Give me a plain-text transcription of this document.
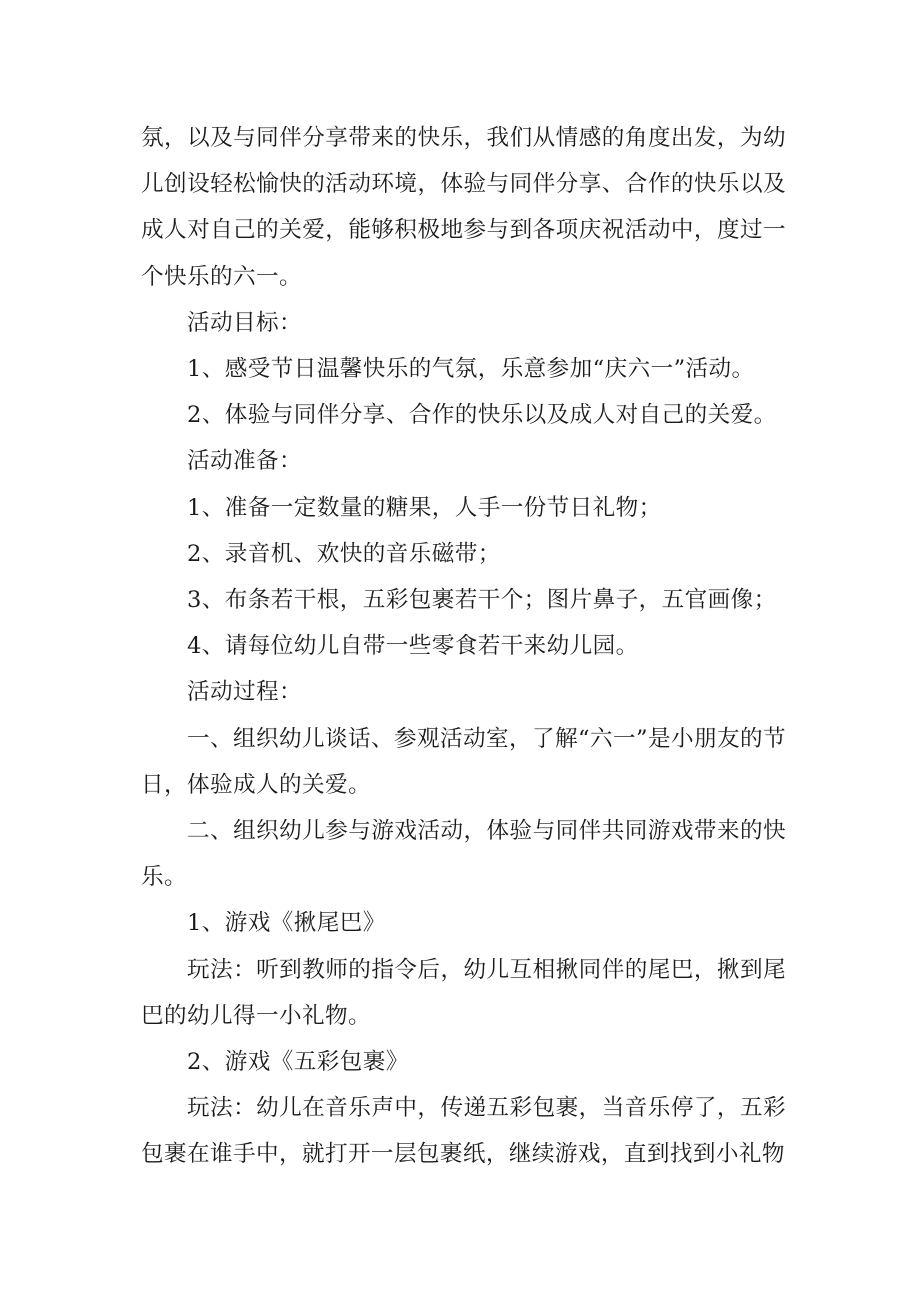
氛，以及与同伴分享带来的快乐，我们从情感的角度出发，为幼儿创设轻松愉快的活动环境，体验与同伴分享、合作的快乐以及成人对自己的关爱，能够积极地参与到各项庆祝活动中，度过一个快乐的六一。

活动目标：

1、感受节日温馨快乐的气氛，乐意参加“庆六一”活动。

2、体验与同伴分享、合作的快乐以及成人对自己的关爱。

活动准备：

1、准备一定数量的糖果，人手一份节日礼物；

2、录音机、欢快的音乐磁带；

3、布条若干根，五彩包裹若干个；图片鼻子，五官画像；

4、请每位幼儿自带一些零食若干来幼儿园。

活动过程：

一、组织幼儿谈话、参观活动室，了解“六一”是小朋友的节日，体验成人的关爱。

二、组织幼儿参与游戏活动，体验与同伴共同游戏带来的快乐。

1、游戏《揪尾巴》

玩法：听到教师的指令后，幼儿互相揪同伴的尾巴，揪到尾巴的幼儿得一小礼物。

2、游戏《五彩包裹》

玩法：幼儿在音乐声中，传递五彩包裹，当音乐停了，五彩包裹在谁手中，就打开一层包裹纸，继续游戏，直到找到小礼物
